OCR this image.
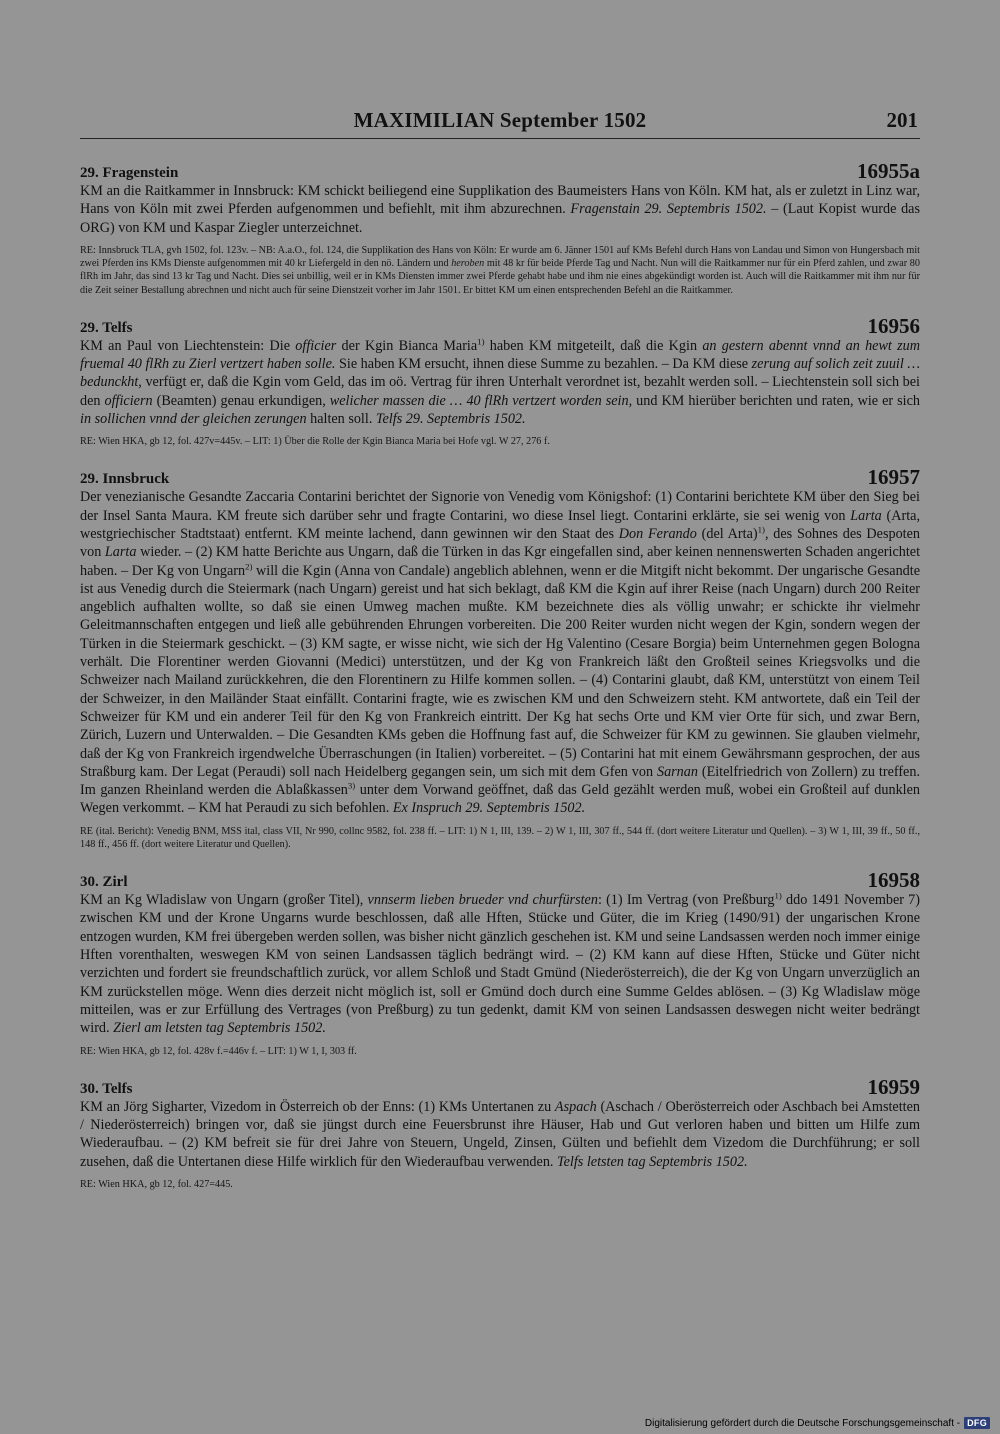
MAXIMILIAN September 1502	201
29. Fragenstein	16955a

KM an die Raitkammer in Innsbruck: KM schickt beiliegend eine Supplikation des Baumeisters Hans von Köln. KM hat, als er zuletzt in Linz war, Hans von Köln mit zwei Pferden aufgenommen und befiehlt, mit ihm abzurechnen. Fragenstain 29. Septembris 1502. – (Laut Kopist wurde das ORG) von KM und Kaspar Ziegler unterzeichnet.

RE: Innsbruck TLA, gvh 1502, fol. 123v. – NB: A.a.O., fol. 124, die Supplikation des Hans von Köln: Er wurde am 6. Jänner 1501 auf KMs Befehl durch Hans von Landau und Simon von Hungersbach mit zwei Pferden ins KMs Dienste aufgenommen mit 40 kr Liefergeld in den nö. Ländern und heroben mit 48 kr für beide Pferde Tag und Nacht. Nun will die Raitkammer nur für ein Pferd zahlen, und zwar 80 flRh im Jahr, das sind 13 kr Tag und Nacht. Dies sei unbillig, weil er in KMs Diensten immer zwei Pferde gehabt habe und ihm nie eines abgekündigt worden ist. Auch will die Raitkammer mit ihm nur für die Zeit seiner Bestallung abrechnen und nicht auch für seine Dienstzeit vorher im Jahr 1501. Er bittet KM um einen entsprechenden Befehl an die Raitkammer.

29. Telfs	16956

KM an Paul von Liechtenstein: Die officier der Kgin Bianca Maria$^{1)}$ haben KM mitgeteilt, daß die Kgin an gestern abennt vnnd an hewt zum fruemal 40 flRh zu Zierl vertzert haben solle. Sie haben KM ersucht, ihnen diese Summe zu bezahlen. – Da KM diese zerung auf solich zeit zuuil … bedunckht, verfügt er, daß die Kgin vom Geld, das im oö. Vertrag für ihren Unterhalt verordnet ist, bezahlt werden soll. – Liechtenstein soll sich bei den officiern (Beamten) genau erkundigen, welicher massen die … 40 flRh vertzert worden sein, und KM hierüber berichten und raten, wie er sich in sollichen vnnd der gleichen zerungen halten soll. Telfs 29. Septembris 1502.

RE: Wien HKA, gb 12, fol. 427v=445v. – LIT: 1) Über die Rolle der Kgin Bianca Maria bei Hofe vgl. W 27, 276 f.

29. Innsbruck	16957

Der venezianische Gesandte Zaccaria Contarini berichtet der Signorie von Venedig vom Königshof: (1) Contarini berichtete KM über den Sieg bei der Insel Santa Maura. KM freute sich darüber sehr und fragte Contarini, wo diese Insel liegt. Contarini erklärte, sie sei wenig von Larta (Arta, westgriechischer Stadtstaat) entfernt. KM meinte lachend, dann gewinnen wir den Staat des Don Ferando (del Arta)$^{1)}$, des Sohnes des Despoten von Larta wieder. – (2) KM hatte Berichte aus Ungarn, daß die Türken in das Kgr eingefallen sind, aber keinen nennenswerten Schaden angerichtet haben. – Der Kg von Ungarn$^{2)}$ will die Kgin (Anna von Candale) angeblich ablehnen, wenn er die Mitgift nicht bekommt. Der ungarische Gesandte ist aus Venedig durch die Steiermark (nach Ungarn) gereist und hat sich beklagt, daß KM die Kgin auf ihrer Reise (nach Ungarn) durch 200 Reiter angeblich aufhalten wollte, so daß sie einen Umweg machen mußte. KM bezeichnete dies als völlig unwahr; er schickte ihr vielmehr Geleitmannschaften entgegen und ließ alle gebührenden Ehrungen vorbereiten. Die 200 Reiter wurden nicht wegen der Kgin, sondern wegen der Türken in die Steiermark geschickt. – (3) KM sagte, er wisse nicht, wie sich der Hg Valentino (Cesare Borgia) beim Unternehmen gegen Bologna verhält. Die Florentiner werden Giovanni (Medici) unterstützen, und der Kg von Frankreich läßt den Großteil seines Kriegsvolks und die Schweizer nach Mailand zurückkehren, die den Florentinern zu Hilfe kommen sollen. – (4) Contarini glaubt, daß KM, unterstützt von einem Teil der Schweizer, in den Mailänder Staat einfällt. Contarini fragte, wie es zwischen KM und den Schweizern steht. KM antwortete, daß ein Teil der Schweizer für KM und ein anderer Teil für den Kg von Frankreich eintritt. Der Kg hat sechs Orte und KM vier Orte für sich, und zwar Bern, Zürich, Luzern und Unterwalden. – Die Gesandten KMs geben die Hoffnung fast auf, die Schweizer für KM zu gewinnen. Sie glauben vielmehr, daß der Kg von Frankreich irgendwelche Überraschungen (in Italien) vorbereitet. – (5) Contarini hat mit einem Gewährsmann gesprochen, der aus Straßburg kam. Der Legat (Peraudi) soll nach Heidelberg gegangen sein, um sich mit dem Gfen von Sarnan (Eitelfriedrich von Zollern) zu treffen. Im ganzen Rheinland werden die Ablaßkassen$^{3)}$ unter dem Vorwand geöffnet, daß das Geld gezählt werden muß, wobei ein Großteil auf dunklen Wegen verkommt. – KM hat Peraudi zu sich befohlen. Ex Inspruch 29. Septembris 1502.

RE (ital. Bericht): Venedig BNM, MSS ital, class VII, Nr 990, collnc 9582, fol. 238 ff. – LIT: 1) N 1, III, 139. – 2) W 1, III, 307 ff., 544 ff. (dort weitere Literatur und Quellen). – 3) W 1, III, 39 ff., 50 ff., 148 ff., 456 ff. (dort weitere Literatur und Quellen).

30. Zirl	16958

KM an Kg Wladislaw von Ungarn (großer Titel), vnnserm lieben brueder vnd churfürsten: (1) Im Vertrag (von Preßburg$^{1)}$ ddo 1491 November 7) zwischen KM und der Krone Ungarns wurde beschlossen, daß alle Hften, Stücke und Güter, die im Krieg (1490/91) der ungarischen Krone entzogen wurden, KM frei übergeben werden sollen, was bisher nicht gänzlich geschehen ist. KM und seine Landsassen werden noch immer einige Hften vorenthalten, weswegen KM von seinen Landsassen täglich bedrängt wird. – (2) KM kann auf diese Hften, Stücke und Güter nicht verzichten und fordert sie freundschaftlich zurück, vor allem Schloß und Stadt Gmünd (Niederösterreich), die der Kg von Ungarn unverzüglich an KM zurückstellen möge. Wenn dies derzeit nicht möglich ist, soll er Gmünd doch durch eine Summe Geldes ablösen. – (3) Kg Wladislaw möge mitteilen, was er zur Erfüllung des Vertrages (von Preßburg) zu tun gedenkt, damit KM von seinen Landsassen deswegen nicht weiter bedrängt wird. Zierl am letsten tag Septembris 1502.

RE: Wien HKA, gb 12, fol. 428v f.=446v f. – LIT: 1) W 1, I, 303 ff.

30. Telfs	16959

KM an Jörg Sigharter, Vizedom in Österreich ob der Enns: (1) KMs Untertanen zu Aspach (Aschach / Oberösterreich oder Aschbach bei Amstetten / Niederösterreich) bringen vor, daß sie jüngst durch eine Feuersbrunst ihre Häuser, Hab und Gut verloren haben und bitten um Hilfe zum Wiederaufbau. – (2) KM befreit sie für drei Jahre von Steuern, Ungeld, Zinsen, Gülten und befiehlt dem Vizedom die Durchführung; er soll zusehen, daß die Untertanen diese Hilfe wirklich für den Wiederaufbau verwenden. Telfs letsten tag Septembris 1502.

RE: Wien HKA, gb 12, fol. 427=445.

Digitalisierung gefördert durch die Deutsche Forschungsgemeinschaft - DFG
